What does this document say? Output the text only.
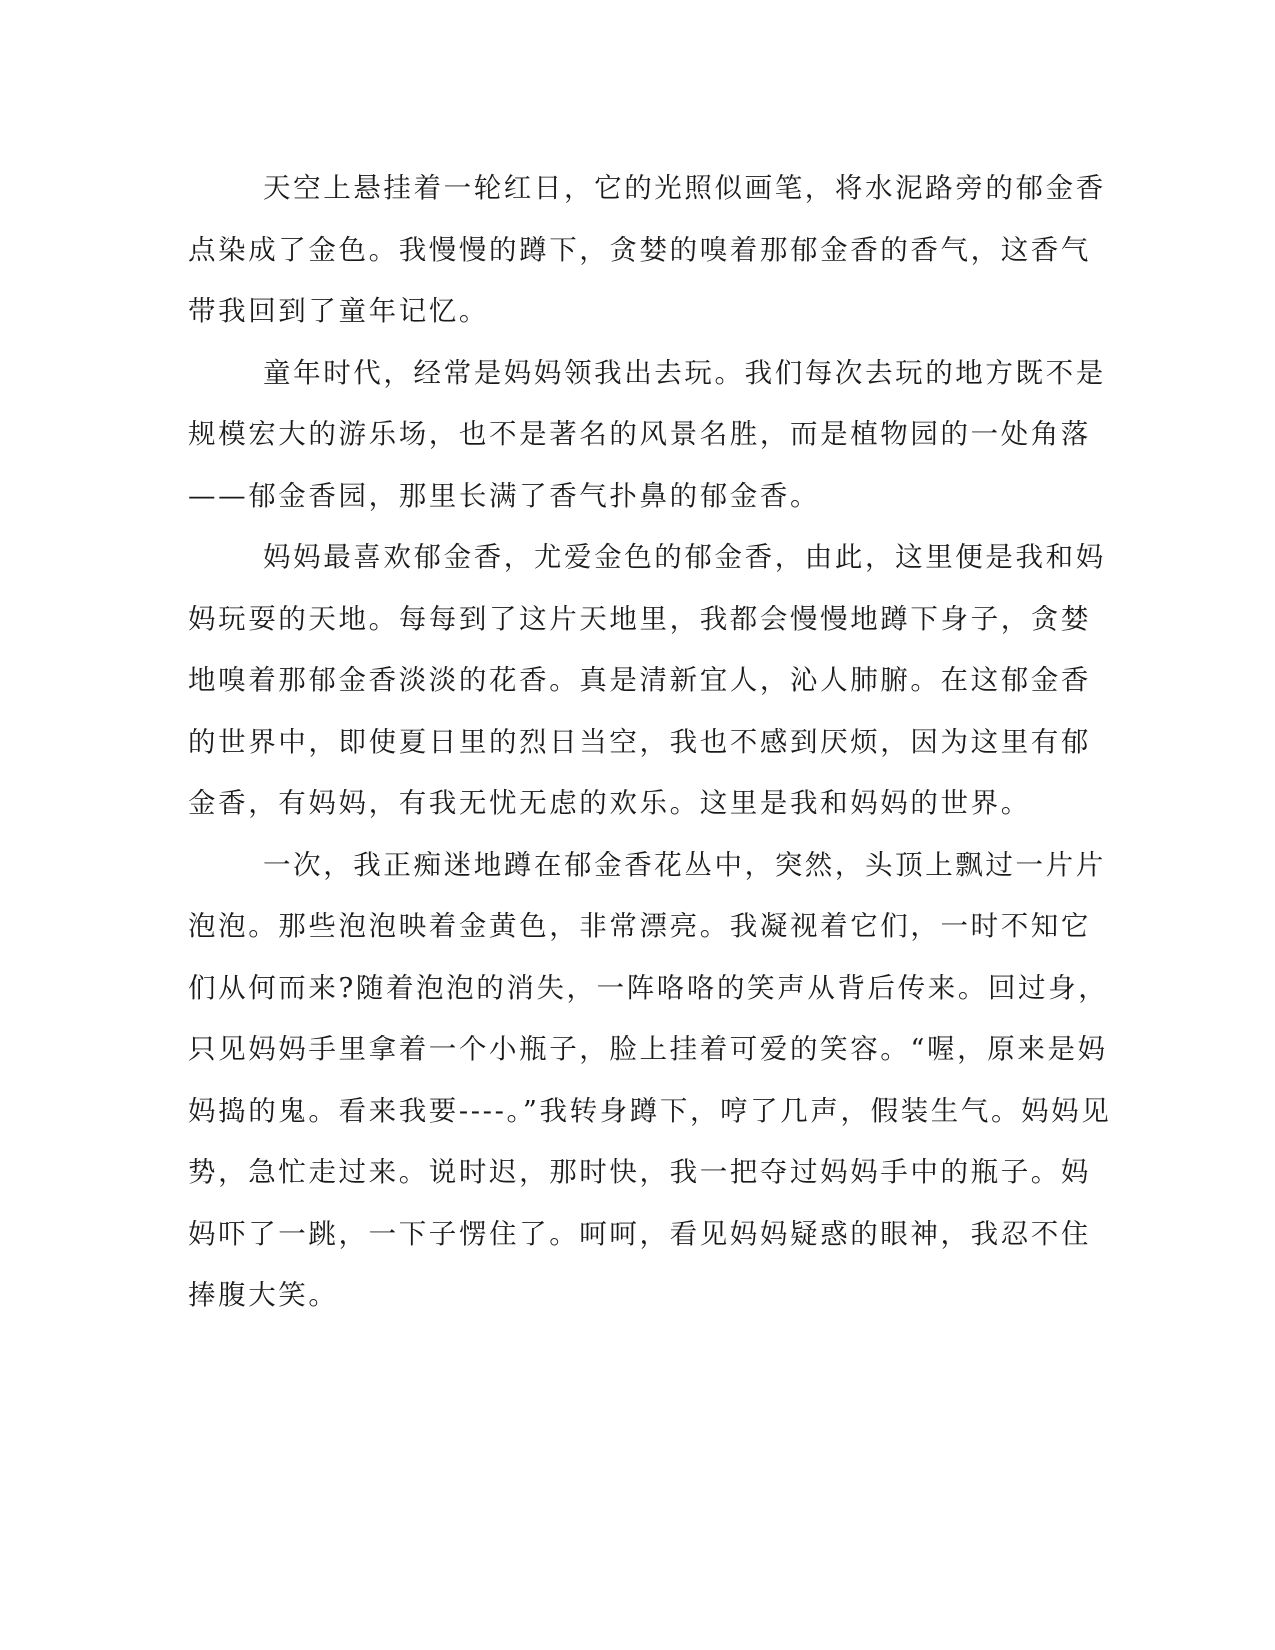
天空上悬挂着一轮红日，它的光照似画笔，将水泥路旁的郁金香
点染成了金色。我慢慢的蹲下，贪婪的嗅着那郁金香的香气，这香气
带我回到了童年记忆。
童年时代，经常是妈妈领我出去玩。我们每次去玩的地方既不是
规模宏大的游乐场，也不是著名的风景名胜，而是植物园的一处角落
——郁金香园，那里长满了香气扑鼻的郁金香。
妈妈最喜欢郁金香，尤爱金色的郁金香，由此，这里便是我和妈
妈玩耍的天地。每每到了这片天地里，我都会慢慢地蹲下身子，贪婪
地嗅着那郁金香淡淡的花香。真是清新宜人，沁人肺腑。在这郁金香
的世界中，即使夏日里的烈日当空，我也不感到厌烦，因为这里有郁
金香，有妈妈，有我无忧无虑的欢乐。这里是我和妈妈的世界。
一次，我正痴迷地蹲在郁金香花丛中，突然，头顶上飘过一片片
泡泡。那些泡泡映着金黄色，非常漂亮。我凝视着它们，一时不知它
们从何而来?随着泡泡的消失，一阵咯咯的笑声从背后传来。回过身，
只见妈妈手里拿着一个小瓶子，脸上挂着可爱的笑容。“喔，原来是妈
妈捣的鬼。看来我要----。”我转身蹲下，哼了几声，假装生气。妈妈见
势，急忙走过来。说时迟，那时快，我一把夺过妈妈手中的瓶子。妈
妈吓了一跳，一下子愣住了。呵呵，看见妈妈疑惑的眼神，我忍不住
捧腹大笑。
